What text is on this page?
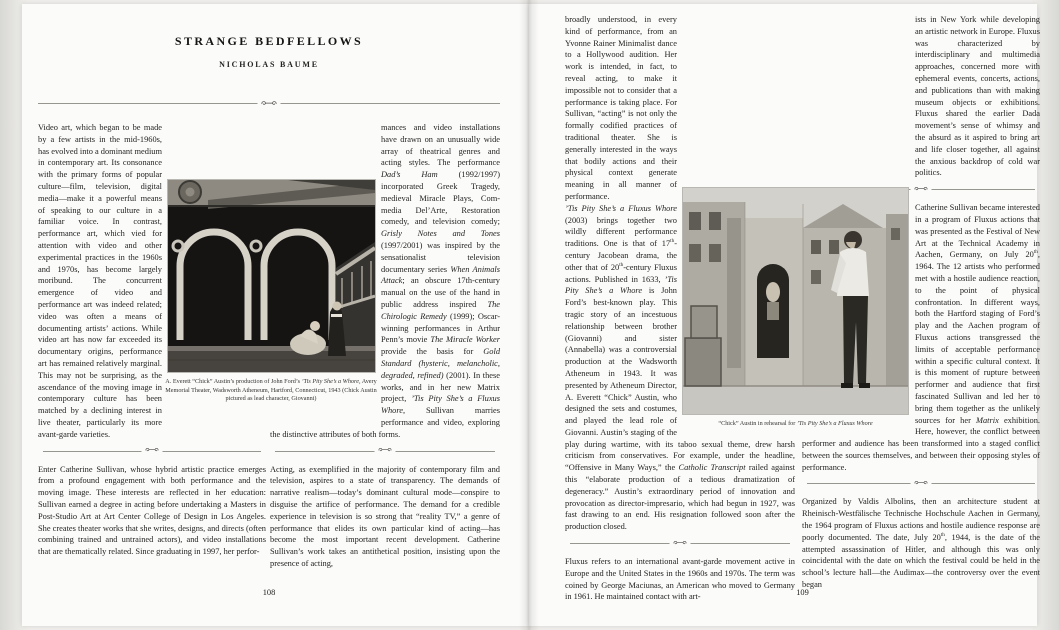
STRANGE BEDFELLOWS
NICHOLAS BAUME

Video art, which began to be made by a few artists in the mid-1960s, has evolved into a dominant medium in contemporary art. Its consonance with the primary forms of popular culture—film, television, digital media—make it a powerful means of speaking to our culture in a familiar voice. In contrast, performance art, which vied for attention with video and other experimental practices in the 1960s and 1970s, has become largely moribund. The concurrent emergence of video and performance art was indeed related; video was often a means of documenting artists’ actions. While video art has now far exceeded its documentary origins, performance art has remained relatively marginal. This may not be surprising, as the ascendance of the moving image in contemporary culture has been matched by a declining interest in live theater, particularly its more avant-garde varieties.

Enter Catherine Sullivan, whose hybrid artistic practice emerges from a profound engagement with both performance and the moving image. These interests are reflected in her education: Sullivan earned a degree in acting before undertaking a Masters in Post-Studio Art at Art Center College of Design in Los Angeles. She creates theater works that she writes, designs, and directs (often combining trained and untrained actors), and video installations that are thematically related. Since graduating in 1997, her perfor-

mances and video installations have drawn on an unusually wide array of theatrical genres and acting styles. The performance Dad’s Ham (1992/1997) incorporated Greek Tragedy, medieval Miracle Plays, Com-media Del’Arte, Restoration comedy, and television comedy; Grisly Notes and Tones (1997/2001) was inspired by the sensationalist television documentary series When Animals Attack; an obscure 17th-century manual on the use of the hand in public address inspired The Chirologic Remedy (1999); Oscar-winning performances in Arthur Penn’s movie The Miracle Worker provide the basis for Gold Standard (hysteric, melancholic, degraded, refined) (2001). In these works, and in her new Matrix project, ’Tis Pity She’s a Fluxus Whore, Sullivan marries performance and video, exploring the distinctive attributes of both forms.

Acting, as exemplified in the majority of contemporary film and television, aspires to a state of transparency. The demands of narrative realism—today’s dominant cultural mode—conspire to disguise the artifice of performance. The demand for a credible experience in television is so strong that “reality TV,” a genre of performance that elides its own particular kind of acting—has become the most important recent development. Catherine Sullivan’s work takes an antithetical position, insisting upon the presence of acting,

A. Everett “Chick” Austin’s production of John Ford’s ’Tis Pity She’s a Whore, Avery Memorial Theater, Wadsworth Atheneum, Hartford, Connecticut, 1943 (Chick Austin pictured as lead character, Giovanni)
108

broadly understood, in every kind of performance, from an Yvonne Rainer Minimalist dance to a Hollywood audition. Her work is intended, in fact, to reveal acting, to make it impossible not to consider that a performance is taking place. For Sullivan, “acting” is not only the formally codified practices of traditional theater. She is generally interested in the ways that bodily actions and their physical context generate meaning in all manner of performance.

’Tis Pity She’s a Fluxus Whore (2003) brings together two wildly different performance traditions. One is that of 17th-century Jacobean drama, the other that of 20th-century Fluxus actions. Published in 1633, ’Tis Pity She’s a Whore is John Ford’s best-known play. This tragic story of an incestuous relationship between brother (Giovanni) and sister (Annabella) was a controversial production at the Wadsworth Atheneum in 1943. It was presented by Atheneum Director, A. Everett “Chick” Austin, who designed the sets and costumes, and played the lead role of Giovanni. Austin’s staging of the play during wartime, with its taboo sexual theme, drew harsh criticism from conservatives. For example, under the headline, “Offensive in Many Ways,” the Catholic Transcript railed against this “elaborate production of a tedious dramatization of degeneracy.” Austin’s extraordinary period of innovation and provocation as director-impresario, which had begun in 1927, was fast drawing to an end. His resignation followed soon after the production closed.

Fluxus refers to an international avant-garde movement active in Europe and the United States in the 1960s and 1970s. The term was coined by George Maciunas, an American who moved to Germany in 1961. He maintained contact with art-

ists in New York while developing an artistic network in Europe. Fluxus was characterized by interdisciplinary and multimedia approaches, concerned more with ephemeral events, concerts, actions, and publications than with making museum objects or exhibitions. Fluxus shared the earlier Dada movement’s sense of whimsy and the absurd as it aspired to bring art and life closer together, all against the anxious backdrop of cold war politics.

Catherine Sullivan became interested in a program of Fluxus actions that was presented as the Festival of New Art at the Technical Academy in Aachen, Germany, on July 20th, 1964. The 12 artists who performed met with a hostile audience reaction, to the point of physical confrontation. In different ways, both the Hartford staging of Ford’s play and the Aachen program of Fluxus actions transgressed the limits of acceptable performance within a specific cultural context. It is this moment of rupture between performer and audience that first fascinated Sullivan and led her to bring them together as the unlikely sources for her Matrix exhibition. Here, however, the conflict between performer and audience has been transformed into a staged conflict between the sources themselves, and between their opposing styles of performance.

Organized by Valdis Albolins, then an architecture student at Rheinisch-Westfälische Technische Hochschule Aachen in Germany, the 1964 program of Fluxus actions and hostile audience response are poorly documented. The date, July 20th, 1944, is the date of the attempted assassination of Hitler, and although this was only coincidental with the date on which the festival could be held in the school’s lecture hall—the Audimax—the controversy over the event began

“Chick” Austin in rehearsal for ’Tis Pity She’s a Fluxus Whore
109
